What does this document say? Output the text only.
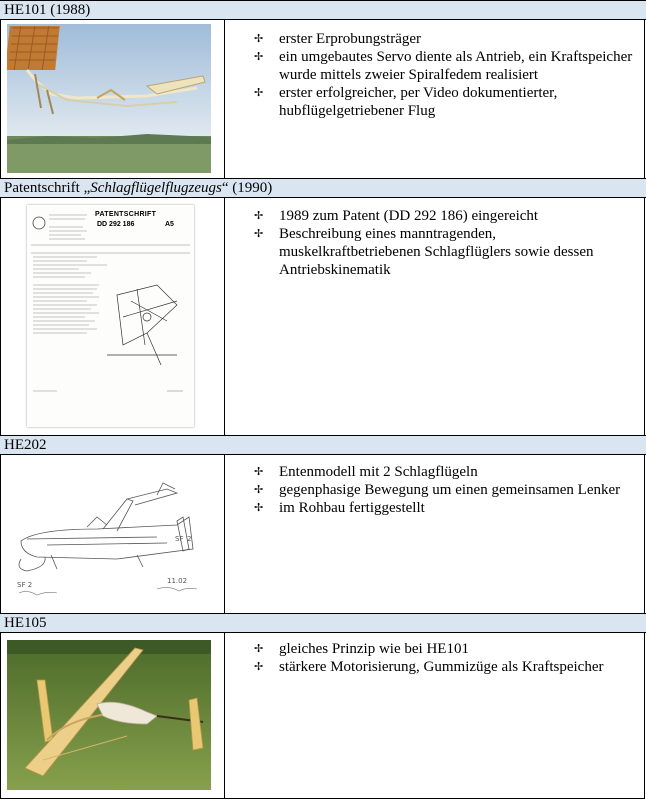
HE101 (1988)
✢ erster Erprobungsträger
✢ ein umgebautes Servo diente als Antrieb, ein Kraftspeicher wurde mittels zweier Spiralfedem realisiert
✢ erster erfolgreicher, per Video dokumentierter, hubflügelgetriebener Flug
Patentschrift „Schlagflügelflugzeugs“ (1990)
PATENTSCHRIFT
DD 292 186	A5
✢ 1989 zum Patent (DD 292 186) eingereicht
✢ Beschreibung eines manntragenden, muskelkraftbetriebenen Schlagflüglers sowie dessen Antriebskinematik
HE202
SF 2
SF 2	11.02
✢ Entenmodell mit 2 Schlagflügeln
✢ gegenphasige Bewegung um einen gemeinsamen Lenker
✢ im Rohbau fertiggestellt
HE105
✢ gleiches Prinzip wie bei HE101
✢ stärkere Motorisierung, Gummizüge als Kraftspeicher
